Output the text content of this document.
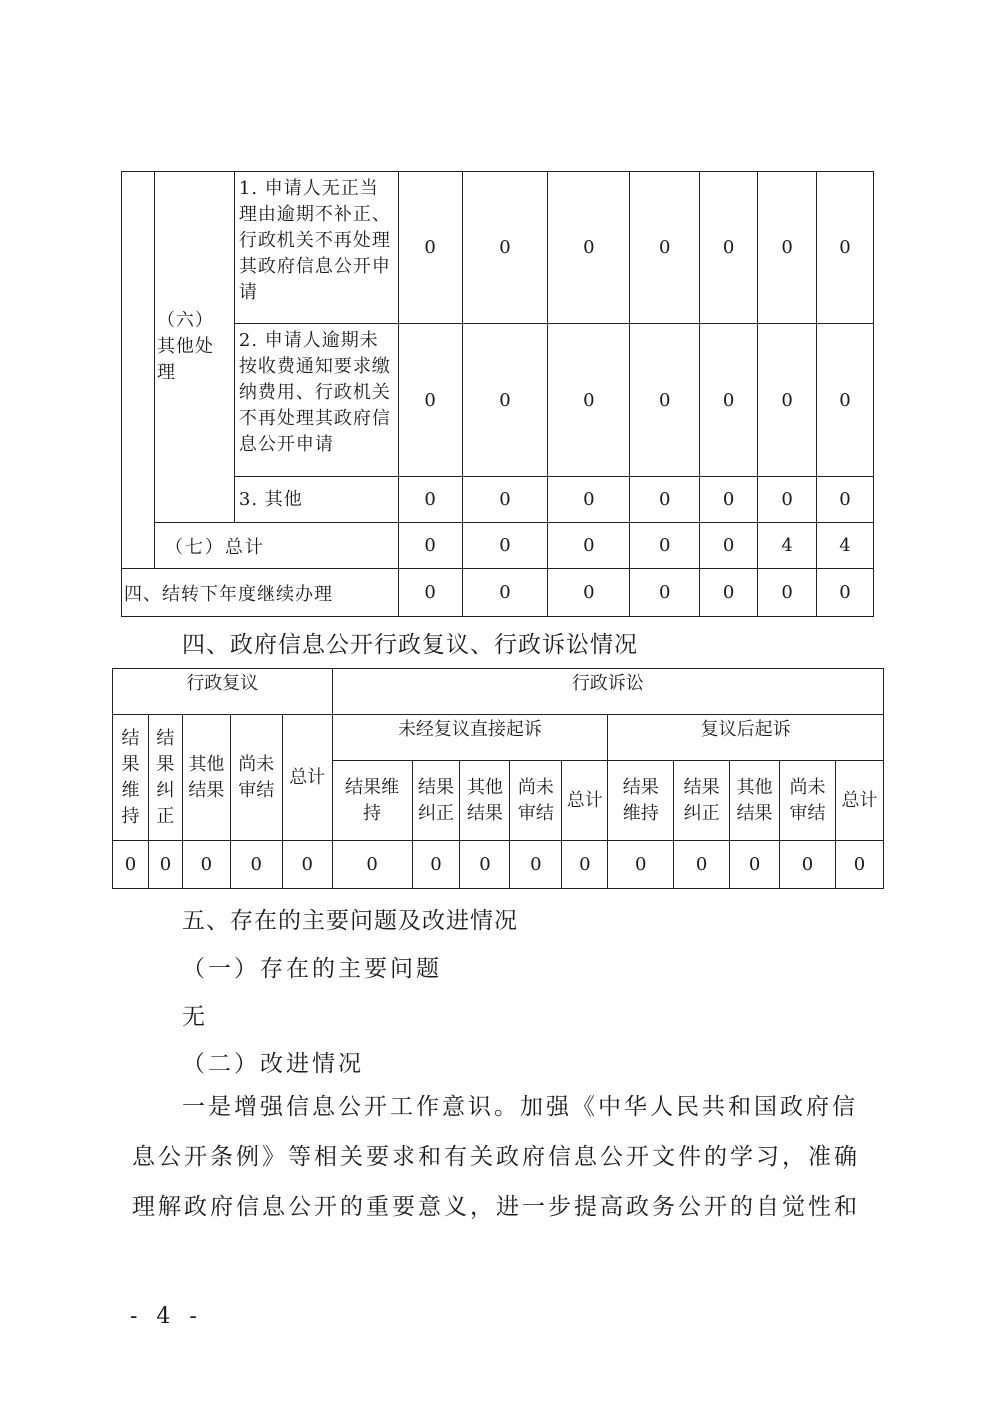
	（六）其他处理	1. 申请人无正当理由逾期不补正、行政机关不再处理其政府信息公开申请	0	0	0	0	0	0	0
		2. 申请人逾期未按收费通知要求缴纳费用、行政机关不再处理其政府信息公开申请	0	0	0	0	0	0	0
		3. 其他	0	0	0	0	0	0	0
	（七）总计		0	0	0	0	0	4	4
四、结转下年度继续办理			0	0	0	0	0	0	0
四、政府信息公开行政复议、行政诉讼情况
行政复议					行政诉讼									
结果维持	结果纠正	其他结果	尚未审结	总计	未经复议直接起诉					复议后起诉				
					结果维持	结果纠正	其他结果	尚未审结	总计	结果维持	结果纠正	其他结果	尚未审结	总计
0	0	0	0	0	0	0	0	0	0	0	0	0	0	0
五、存在的主要问题及改进情况
（一）存在的主要问题
无
（二）改进情况
一是增强信息公开工作意识。加强《中华人民共和国政府信
息公开条例》等相关要求和有关政府信息公开文件的学习，准确
理解政府信息公开的重要意义，进一步提高政务公开的自觉性和
- 4 -
